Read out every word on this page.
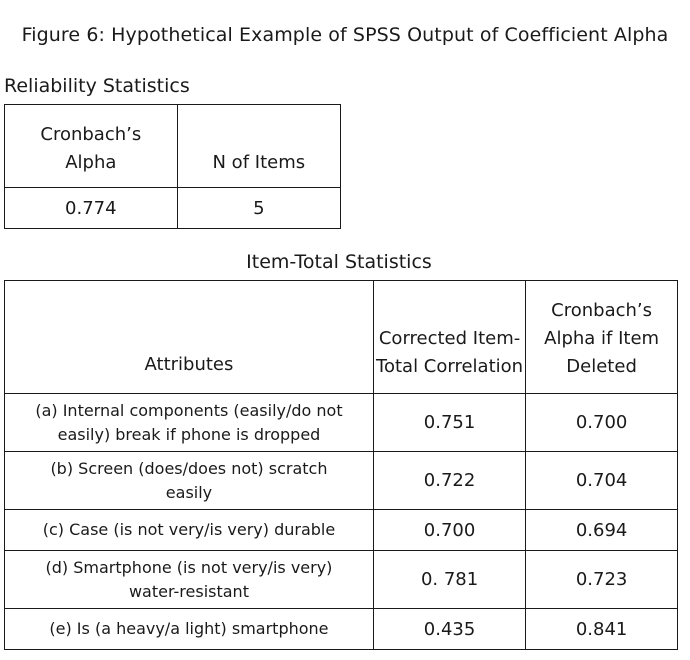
Figure 6: Hypothetical Example of SPSS Output of Coefficient Alpha
Reliability Statistics
Cronbach’s Alpha	N of Items
0.774	5
Item-Total Statistics
Attributes	Corrected Item-Total Correlation	Cronbach’s Alpha if Item Deleted

(a) Internal components (easily/do not easily) break if phone is dropped	0.751	0.700

(b) Screen (does/does not) scratch easily	0.722	0.704
(c) Case (is not very/is very) durable	0.700	0.694

(d) Smartphone (is not very/is very) water-resistant	0. 781	0.723
(e) Is (a heavy/a light) smartphone	0.435	0.841
